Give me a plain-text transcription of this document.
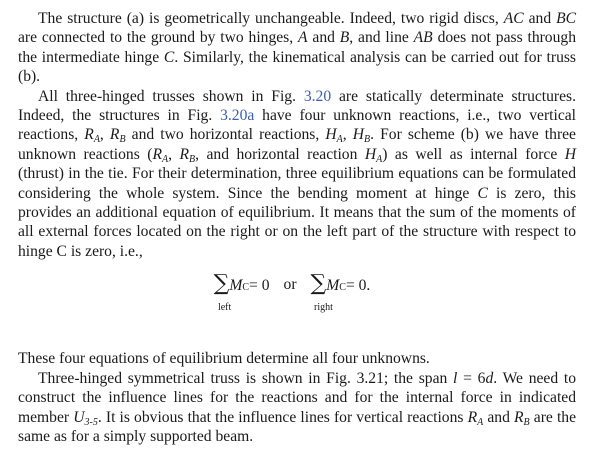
The structure (a) is geometrically unchangeable. Indeed, two rigid discs, AC and BC are connected to the ground by two hinges, A and B, and line AB does not pass through the intermediate hinge C. Similarly, the kinematical analysis can be carried out for truss (b).

All three-hinged trusses shown in Fig. 3.20 are statically determinate structures. Indeed, the structures in Fig. 3.20a have four unknown reactions, i.e., two vertical reactions, $R_A$, $R_B$ and two horizontal reactions, $H_A$, $H_B$. For scheme (b) we have three unknown reactions ($R_A$, $R_B$, and horizontal reaction $H_A$) as well as internal force H (thrust) in the tie. For their determination, three equilibrium equations can be formulated considering the whole system. Since the bending moment at hinge C is zero, this provides an additional equation of equilibrium. It means that the sum of the moments of all external forces located on the right or on the left part of the structure with respect to hinge C is zero, i.e.,

∑ M C = 0
left
or ∑ M C = 0.
right

These four equations of equilibrium determine all four unknowns.

Three-hinged symmetrical truss is shown in Fig. 3.21; the span l = 6d. We need to construct the influence lines for the reactions and for the internal force in indicated member $U_{3-5}$. It is obvious that the influence lines for vertical reactions $R_A$ and $R_B$ are the same as for a simply supported beam.
